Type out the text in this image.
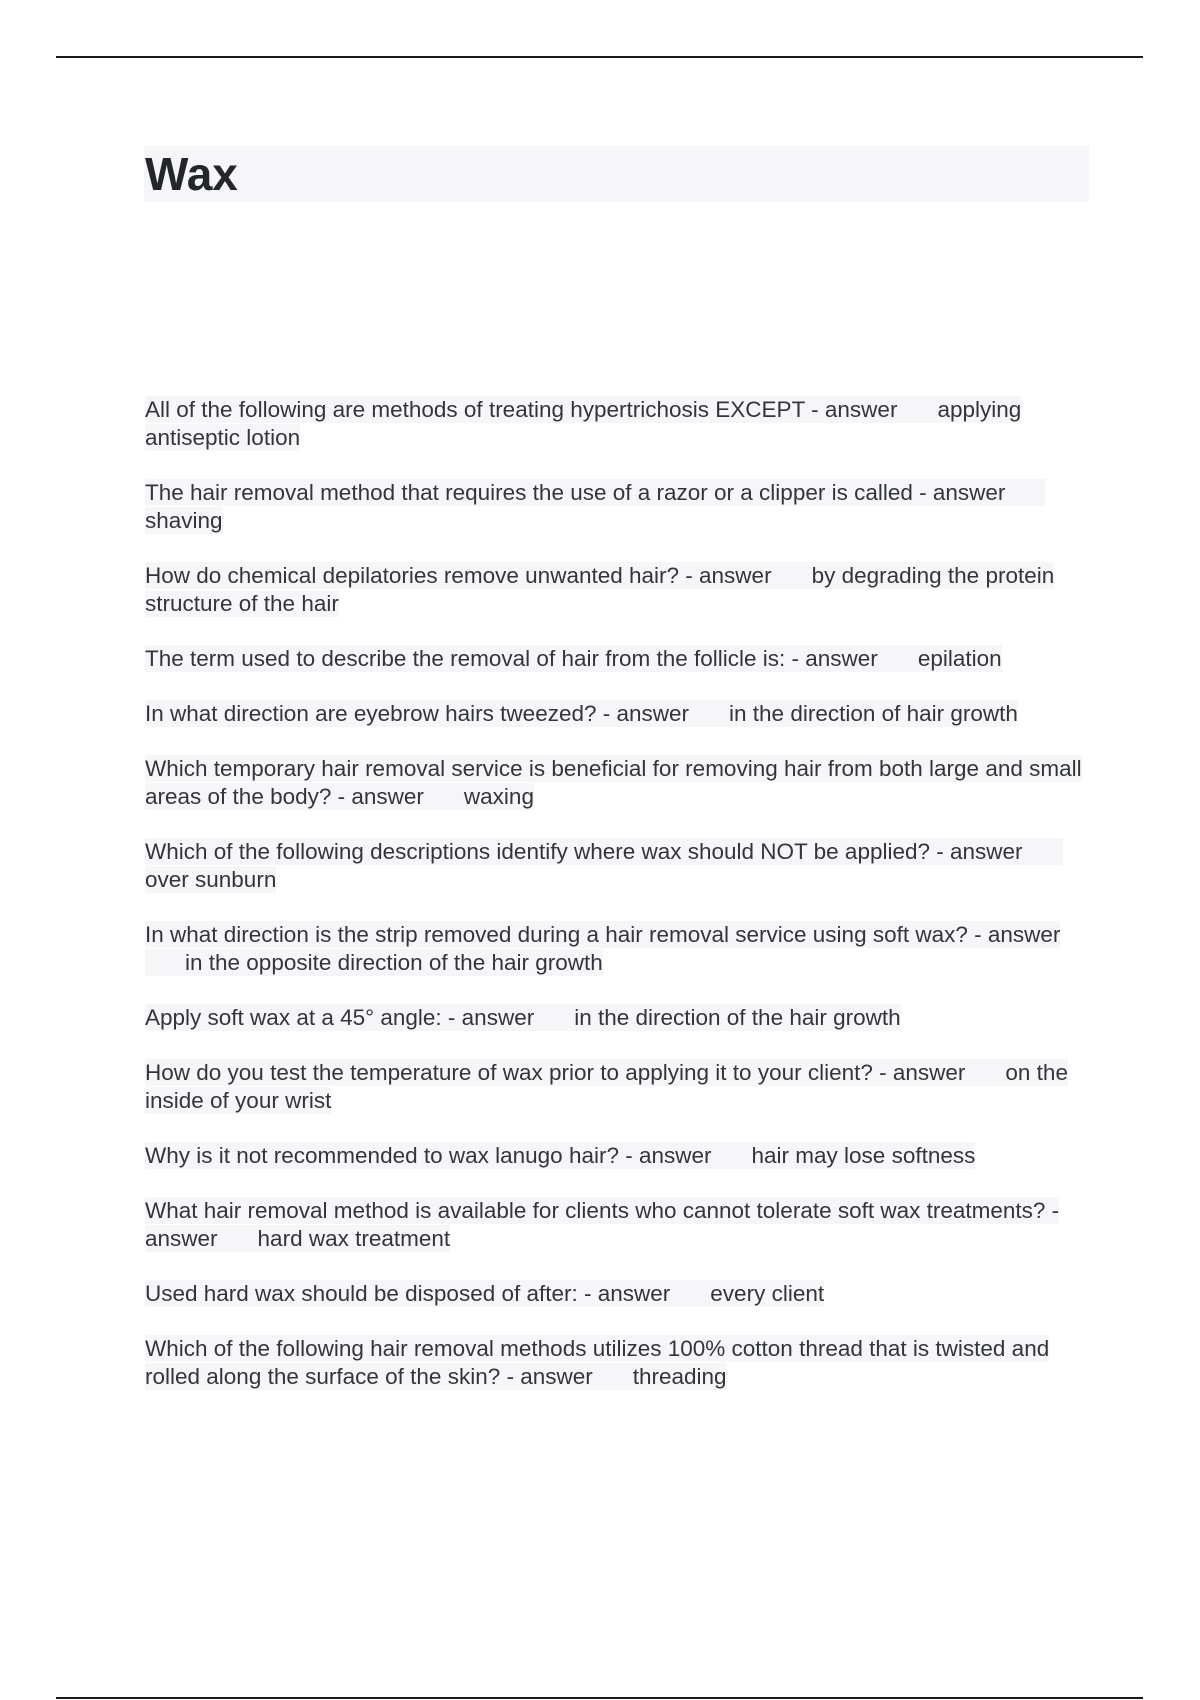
Wax
All of the following are methods of treating hypertrichosis EXCEPT - answer applying antiseptic lotion
The hair removal method that requires the use of a razor or a clipper is called - answershaving
How do chemical depilatories remove unwanted hair? - answer by degrading the protein structure of the hair
The term used to describe the removal of hair from the follicle is: - answer epilation
In what direction are eyebrow hairs tweezed? - answer in the direction of hair growth
Which temporary hair removal service is beneficial for removing hair from both large and small areas of the body? - answer waxing
Which of the following descriptions identify where wax should NOT be applied? - answerover sunburn
In what direction is the strip removed during a hair removal service using soft wax? - answerin the opposite direction of the hair growth
Apply soft wax at a 45° angle: - answer in the direction of the hair growth
How do you test the temperature of wax prior to applying it to your client? - answer on the inside of your wrist
Why is it not recommended to wax lanugo hair? - answer hair may lose softness
What hair removal method is available for clients who cannot tolerate soft wax treatments? - answer hard wax treatment
Used hard wax should be disposed of after: - answer every client
Which of the following hair removal methods utilizes 100% cotton thread that is twisted and rolled along the surface of the skin? - answer threading
